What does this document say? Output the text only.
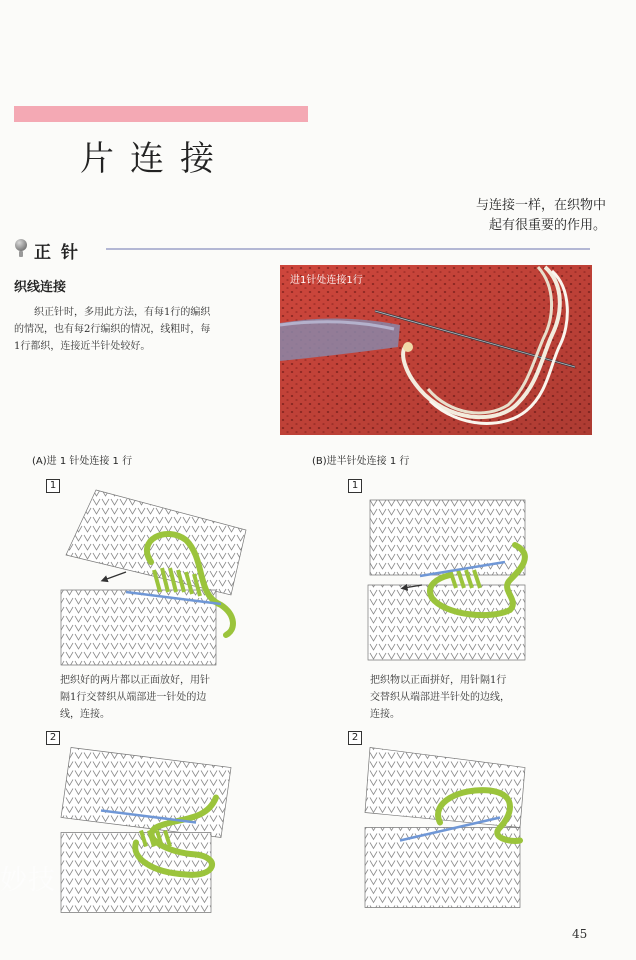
片连接
与连接一样，在织物中
起有很重要的作用。
正针
织线连接
织正针时，多用此方法，有每1行的编织的情况，也有每2行编织的情况，线粗时，每1行都织，连接近半针处较好。
进1针处连接1行
(A)进 1 针处连接 1 行	(B)进半针处连接 1 行
1	1
把织好的两片都以正面放好，用针
隔1行交替织从端部进一针处的边
线，连接。
把织物以正面拼好，用针隔1行
交替织从端部进半针处的边线，
连接。
2	2
妙技
45
